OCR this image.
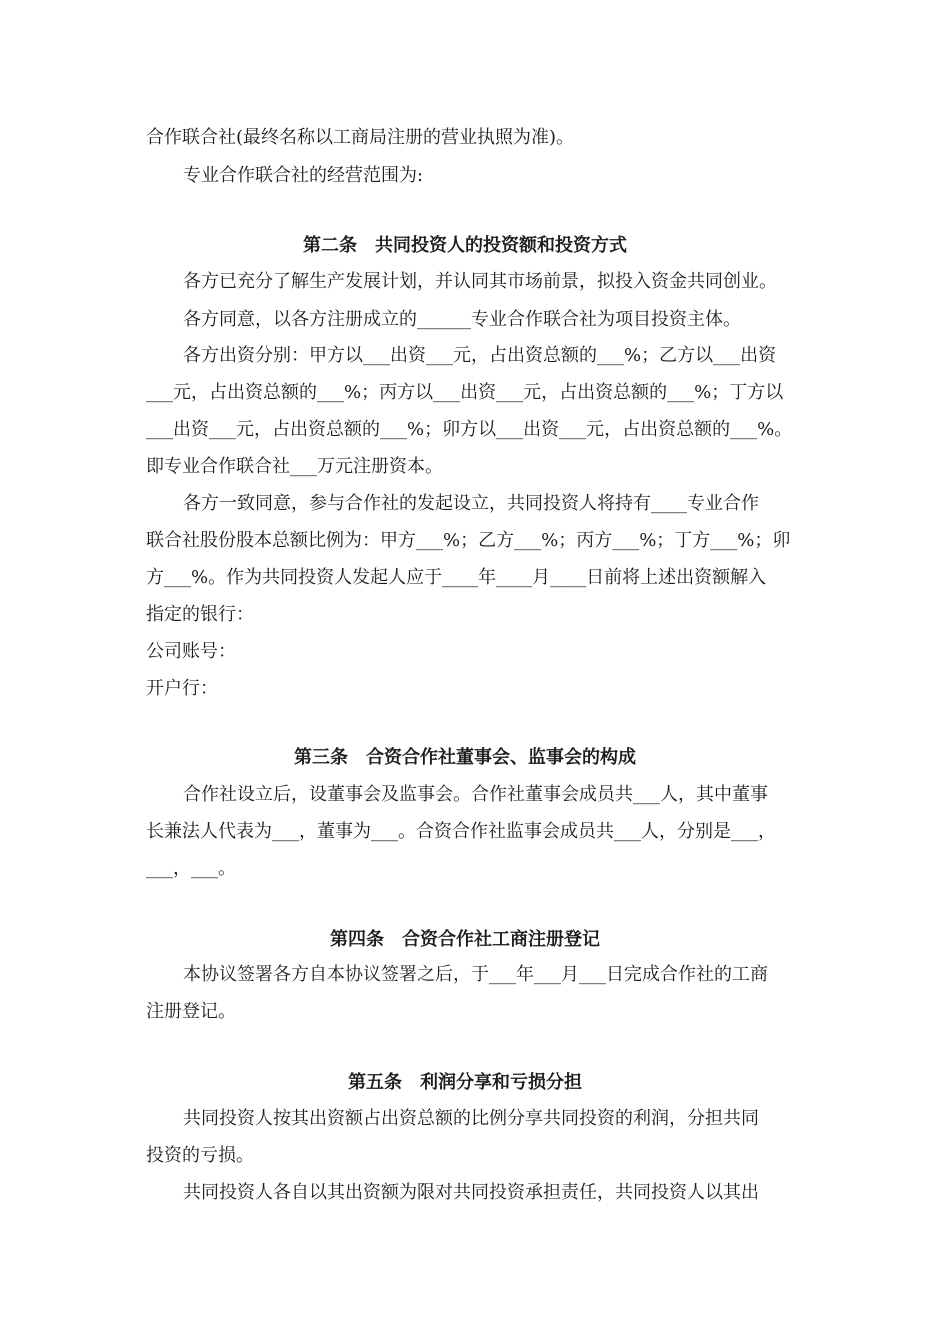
合作联合社(最终名称以工商局注册的营业执照为准)。
专业合作联合社的经营范围为:
第二条　共同投资人的投资额和投资方式
各方已充分了解生产发展计划，并认同其市场前景，拟投入资金共同创业。
各方同意，以各方注册成立的______专业合作联合社为项目投资主体。
各方出资分别：甲方以___出资___元，占出资总额的___%；乙方以___出资
___元，占出资总额的___%；丙方以___出资___元，占出资总额的___%；丁方以
___出资___元，占出资总额的___%；卯方以___出资___元，占出资总额的___%。
即专业合作联合社___万元注册资本。
各方一致同意，参与合作社的发起设立，共同投资人将持有____专业合作
联合社股份股本总额比例为：甲方___%；乙方___%；丙方___%；丁方___%；卯
方___%。作为共同投资人发起人应于____年____月____日前将上述出资额解入
指定的银行：
公司账号：
开户行：
第三条　合资合作社董事会、监事会的构成
合作社设立后，设董事会及监事会。合作社董事会成员共___人，其中董事
长兼法人代表为___，董事为___。合资合作社监事会成员共___人，分别是___，
___，___。
第四条　合资合作社工商注册登记
本协议签署各方自本协议签署之后，于___年___月___日完成合作社的工商
注册登记。
第五条　利润分享和亏损分担
共同投资人按其出资额占出资总额的比例分享共同投资的利润，分担共同
投资的亏损。
共同投资人各自以其出资额为限对共同投资承担责任，共同投资人以其出
